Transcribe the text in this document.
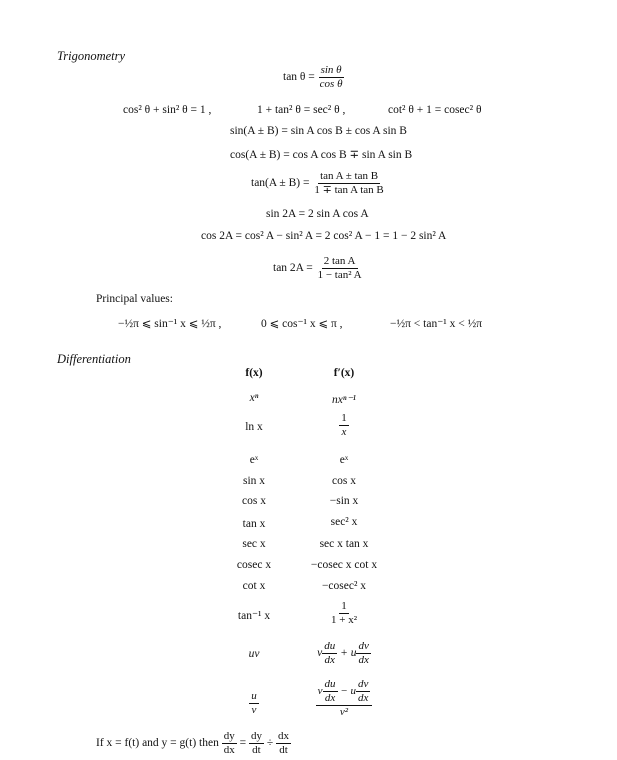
Trigonometry
$\tan \theta = \frac{\text{sin θ}}{\text{cos θ}}$
cos² θ + sin² θ = 1 ,	1 + tan² θ = sec² θ ,	cot² θ + 1 = cosec² θ
sin(A ± B) = sin A cos B ± cos A sin B
cos(A ± B) = cos A cos B ∓ sin A sin B
$\tan(A \pm B) = \frac{\text{tan A ± tan B}}{\text{1 ∓ tan A tan B}}$
sin 2A = 2 sin A cos A
cos 2A = cos² A − sin² A = 2 cos² A − 1 = 1 − 2 sin² A
$\tan 2A = \frac{\text{2 tan A}}{\text{1 − tan² A}}$
Principal values:
−½π ⩽ sin⁻¹ x ⩽ ½π ,	0 ⩽ cos⁻¹ x ⩽ π ,	−½π < tan⁻¹ x < ½π
Differentiation
f(x)	f′(x)
xⁿ	nxⁿ⁻¹
ln x	$\frac{1}{x}$
eˣ	eˣ
sin x	cos x
cos x	−sin x
tan x	sec² x
sec x	sec x tan x
cosec x	−cosec x cot x
cot x	−cosec² x
tan⁻¹ x	$\frac{1}{\text{1 + x²}}$
uv	v $\frac{du}{dx} + u \frac{dv}{dx}$
$\frac{u}{v}$	$\frac{v \frac{du}{dx} - u \frac{dv}{dx}}{\text{v²}}$
If x = f(t) and y = g(t) then $\frac{dy}{dx} = \frac{dy}{dt} \div \frac{dx}{dt}$
